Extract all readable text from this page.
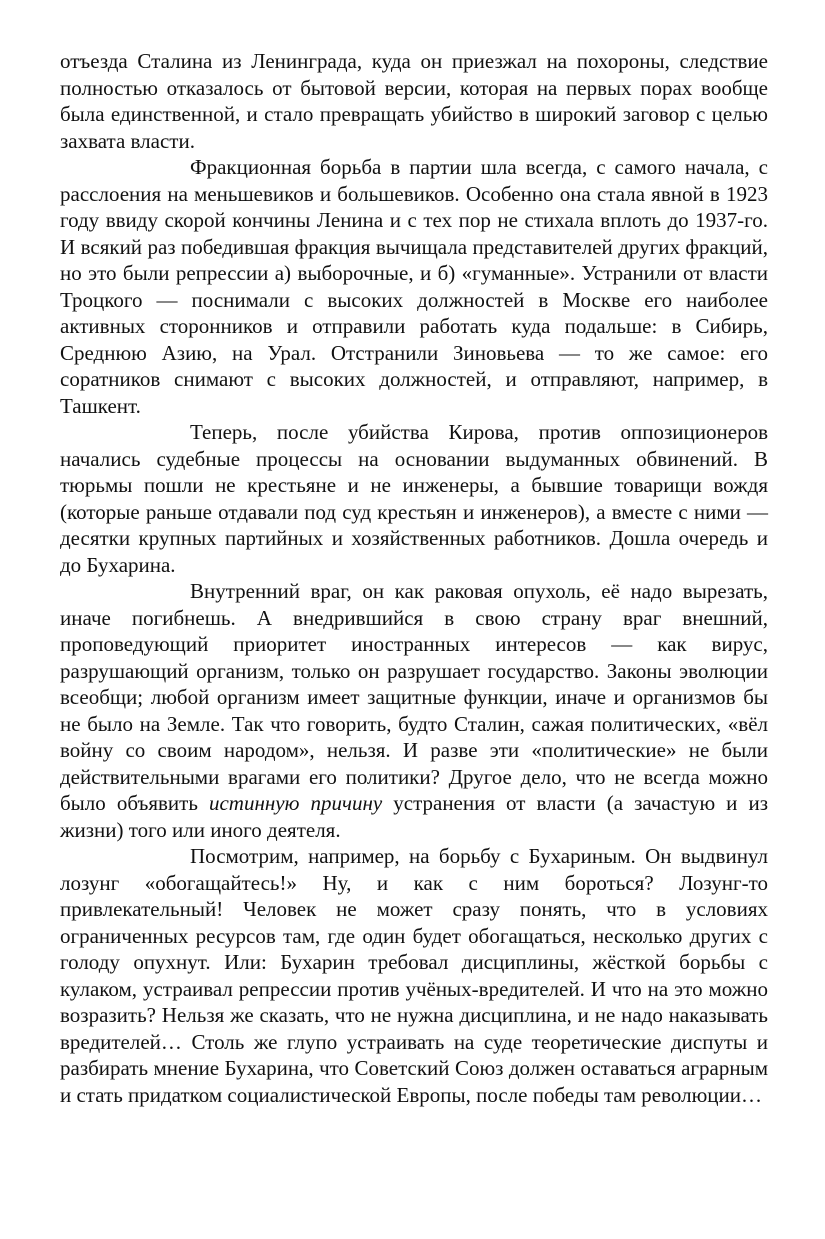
отъезда Сталина из Ленинграда, куда он приезжал на похороны, следствие полностью отказалось от бытовой версии, которая на первых порах вообще была единственной, и стало превращать убийство в широкий заговор с целью захвата власти.

Фракционная борьба в партии шла всегда, с самого начала, с расслоения на меньшевиков и большевиков. Особенно она стала явной в 1923 году ввиду скорой кончины Ленина и с тех пор не стихала вплоть до 1937-го. И всякий раз победившая фракция вычищала представителей других фракций, но это были репрессии а) выборочные, и б) «гуманные». Устранили от власти Троцкого — поснимали с высоких должностей в Москве его наиболее активных сторонников и отправили работать куда подальше: в Сибирь, Среднюю Азию, на Урал. Отстранили Зиновьева — то же самое: его соратников снимают с высоких должностей, и отправляют, например, в Ташкент.

Теперь, после убийства Кирова, против оппозиционеров начались судебные процессы на основании выдуманных обвинений. В тюрьмы пошли не крестьяне и не инженеры, а бывшие товарищи вождя (которые раньше отдавали под суд крестьян и инженеров), а вместе с ними — десятки крупных партийных и хозяйственных работников. Дошла очередь и до Бухарина.

Внутренний враг, он как раковая опухоль, её надо вырезать, иначе погибнешь. А внедрившийся в свою страну враг внешний, проповедующий приоритет иностранных интересов — как вирус, разрушающий организм, только он разрушает государство. Законы эволюции всеобщи; любой организм имеет защитные функции, иначе и организмов бы не было на Земле. Так что говорить, будто Сталин, сажая политических, «вёл войну со своим народом», нельзя. И разве эти «политические» не были действительными врагами его политики? Другое дело, что не всегда можно было объявить истинную причину устранения от власти (а зачастую и из жизни) того или иного деятеля.

Посмотрим, например, на борьбу с Бухариным. Он выдвинул лозунг «обогащайтесь!» Ну, и как с ним бороться? Лозунг-то привлекательный! Человек не может сразу понять, что в условиях ограниченных ресурсов там, где один будет обогащаться, несколько других с голоду опухнут. Или: Бухарин требовал дисциплины, жёсткой борьбы с кулаком, устраивал репрессии против учёных-вредителей. И что на это можно возразить? Нельзя же сказать, что не нужна дисциплина, и не надо наказывать вредителей… Столь же глупо устраивать на суде теоретические диспуты и разбирать мнение Бухарина, что Советский Союз должен оставаться аграрным и стать придатком социалистической Европы, после победы там революции…
